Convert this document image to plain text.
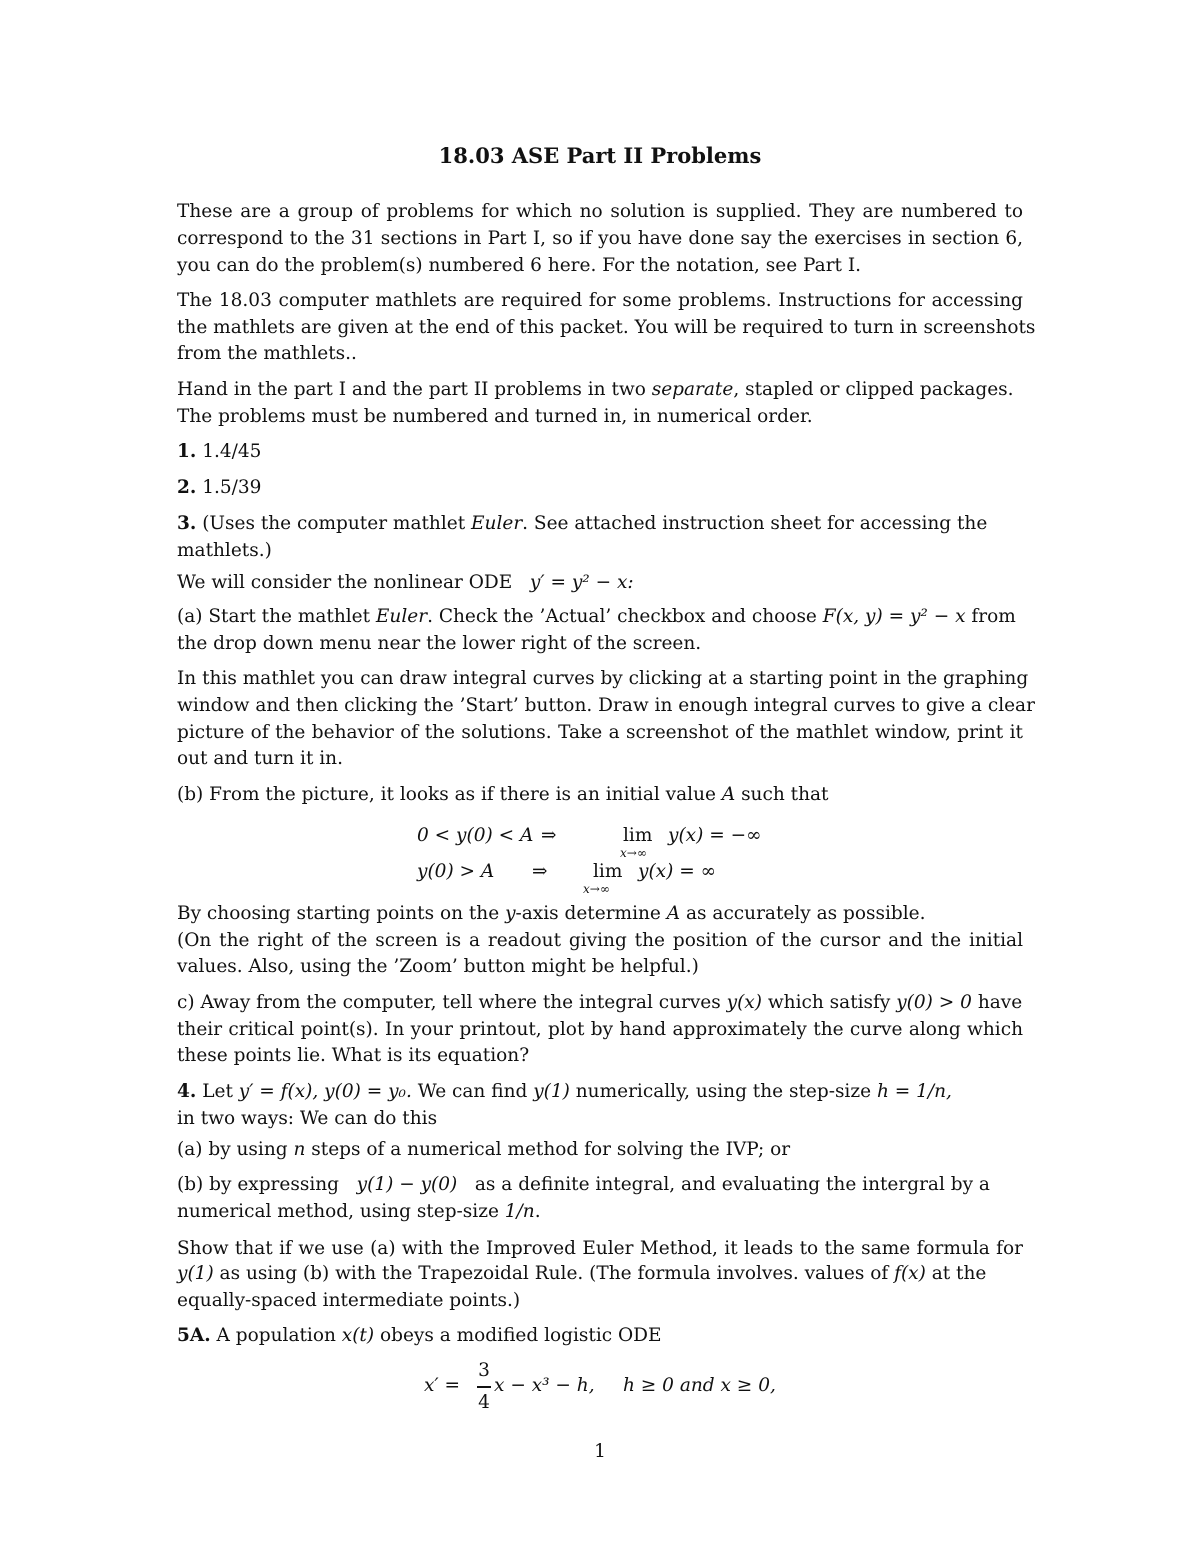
18.03 ASE Part II Problems
These are a group of problems for which no solution is supplied. They are numbered to
correspond to the 31 sections in Part I, so if you have done say the exercises in section 6,
you can do the problem(s) numbered 6 here. For the notation, see Part I.
The 18.03 computer mathlets are required for some problems. Instructions for accessing
the mathlets are given at the end of this packet. You will be required to turn in screenshots
from the mathlets..
Hand in the part I and the part II problems in two separate, stapled or clipped packages.
The problems must be numbered and turned in, in numerical order.
1. 1.4/45
2. 1.5/39
3. (Uses the computer mathlet Euler. See attached instruction sheet for accessing the
mathlets.)
We will consider the nonlinear ODE y′ = y² − x:
(a) Start the mathlet Euler. Check the ’Actual’ checkbox and choose F(x, y) = y² − x from
the drop down menu near the lower right of the screen.
In this mathlet you can draw integral curves by clicking at a starting point in the graphing
window and then clicking the ’Start’ button. Draw in enough integral curves to give a clear
picture of the behavior of the solutions. Take a screenshot of the mathlet window, print it
out and turn it in.
(b) From the picture, it looks as if there is an initial value A such that
0 < y(0) < A ⇒	lim
x→∞
y(x) = −∞
y(0) > A ⇒ lim
x→∞
y(x) = ∞
By choosing starting points on the y-axis determine A as accurately as possible.
(On the right of the screen is a readout giving the position of the cursor and the initial
values. Also, using the ’Zoom’ button might be helpful.)
c) Away from the computer, tell where the integral curves y(x) which satisfy y(0) > 0 have
their critical point(s). In your printout, plot by hand approximately the curve along which
these points lie. What is its equation?
4. Let y′ = f(x), y(0) = y₀. We can find y(1) numerically, using the step-size h = 1/n,
in two ways: We can do this
(a) by using n steps of a numerical method for solving the IVP; or
(b) by expressing   y(1) − y(0)   as a definite integral, and evaluating the intergral by a
numerical method, using step-size 1/n.
Show that if we use (a) with the Improved Euler Method, it leads to the same formula for
y(1) as using (b) with the Trapezoidal Rule. (The formula involves. values of f(x) at the
equally-spaced intermediate points.)
5A. A population x(t) obeys a modified logistic ODE
x′ =
3
4
x − x³ − h, h ≥ 0 and x ≥ 0,
1
